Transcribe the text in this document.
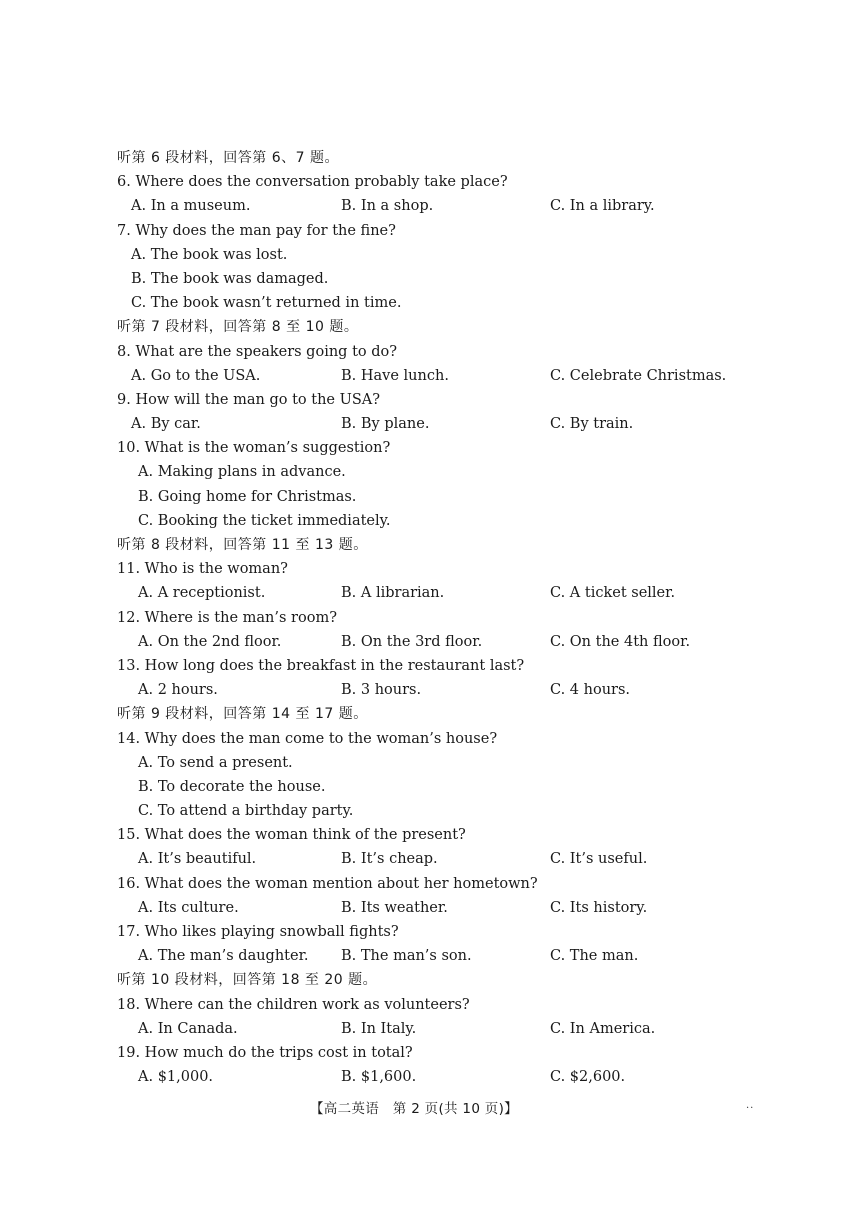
听第 6 段材料，回答第 6、7 题。
6. Where does the conversation probably take place?
A. In a museum.	B. In a shop.	C. In a library.
7. Why does the man pay for the fine?
A. The book was lost.
B. The book was damaged.
C. The book wasn’t returned in time.
听第 7 段材料，回答第 8 至 10 题。
8. What are the speakers going to do?
A. Go to the USA.	B. Have lunch.	C. Celebrate Christmas.
9. How will the man go to the USA?
A. By car.	B. By plane.	C. By train.
10. What is the woman’s suggestion?
A. Making plans in advance.
B. Going home for Christmas.
C. Booking the ticket immediately.
听第 8 段材料，回答第 11 至 13 题。
11. Who is the woman?
A. A receptionist.	B. A librarian.	C. A ticket seller.
12. Where is the man’s room?
A. On the 2nd floor.	B. On the 3rd floor.	C. On the 4th floor.
13. How long does the breakfast in the restaurant last?
A. 2 hours.	B. 3 hours.	C. 4 hours.
听第 9 段材料，回答第 14 至 17 题。
14. Why does the man come to the woman’s house?
A. To send a present.
B. To decorate the house.
C. To attend a birthday party.
15. What does the woman think of the present?
A. It’s beautiful.	B. It’s cheap.	C. It’s useful.
16. What does the woman mention about her hometown?
A. Its culture.	B. Its weather.	C. Its history.
17. Who likes playing snowball fights?
A. The man’s daughter. B. The man’s son.	C. The man.
听第 10 段材料，回答第 18 至 20 题。
18. Where can the children work as volunteers?
A. In Canada.	B. In Italy.	C. In America.
19. How much do the trips cost in total?
A. $1,000.	B. $1,600.	C. $2,600.
【高二英语　第 2 页(共 10 页)】	..
